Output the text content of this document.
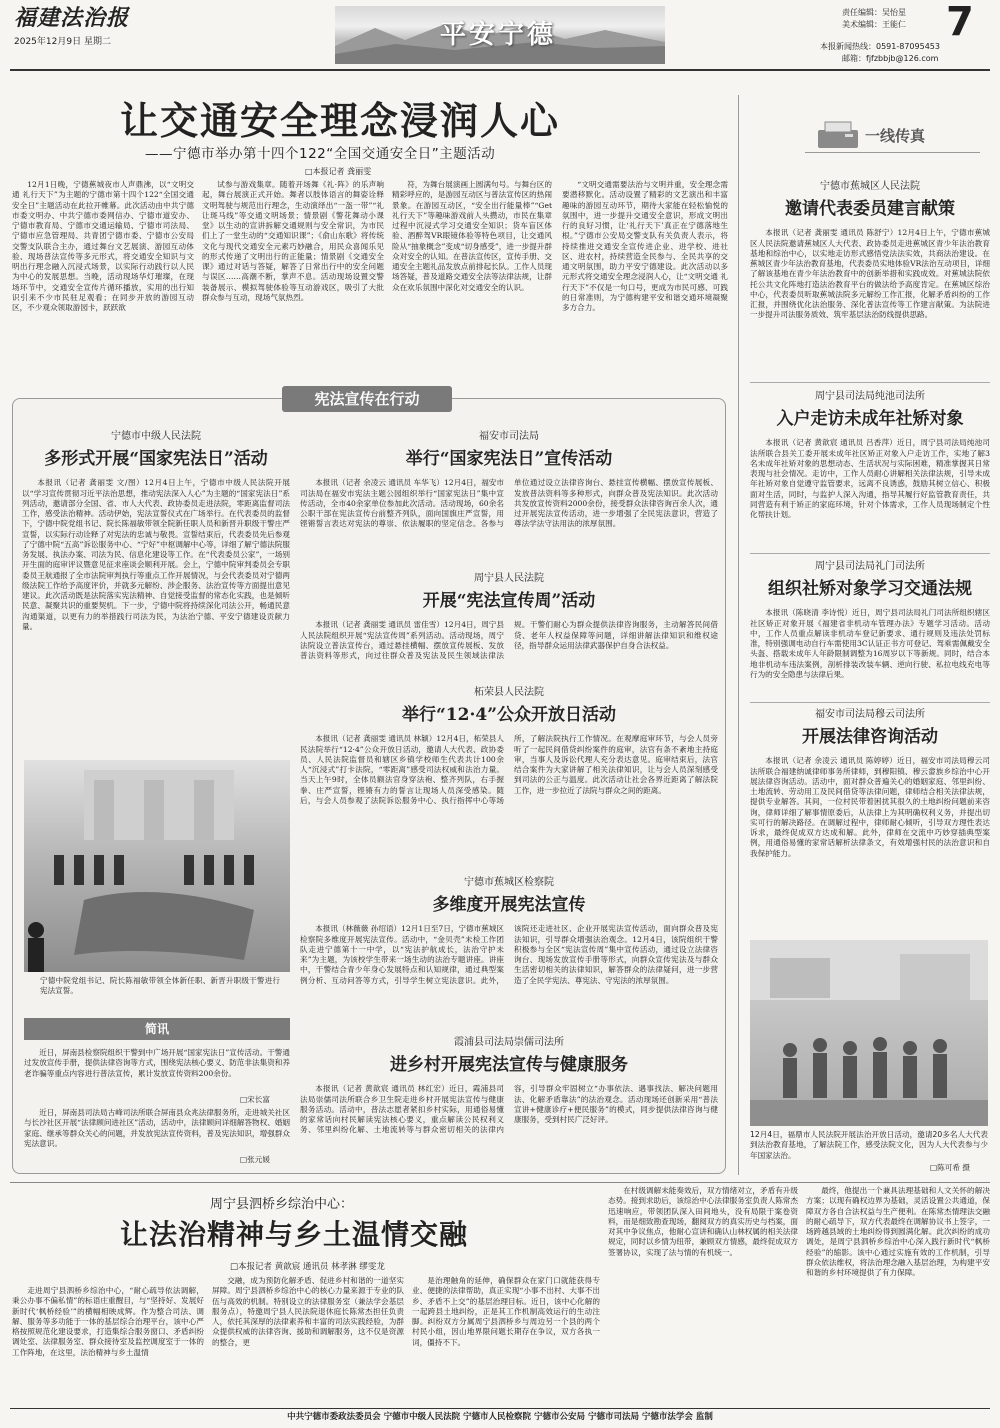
福建法治报
2025年12月9日 星期二	平安宁德
责任编辑：吴怡星
美术编辑：王能仁 7
本报新闻热线：0591-87095453
邮箱：fjfzbbjb@126.com
让交通安全理念浸润人心
——宁德市举办第十四个122“全国交通安全日”主题活动
□本报记者 龚丽雯

12月1日晚，宁德蕉城夜市人声鼎沸，以“文明交通 礼行天下”为主题的宁德市第十四个122“全国交通安全日”主题活动在此拉开帷幕。此次活动由中共宁德市委文明办、中共宁德市委网信办、宁德市道安办、宁德市教育局、宁德市交通运输局、宁德市司法局、宁德市应急管理局、共青团宁德市委、宁德市公安局交警支队联合主办，通过舞台文艺展演、游园互动体验、现场普法宣传等多元形式，将交通安全知识与文明出行理念融入沉浸式场景，以实际行动践行以人民为中心的发展思想。当晚，活动现场华灯璀璨，在现场环节中，交通安全宣传片循环播放，实用的出行知识引来不少市民驻足观看；在同步开放的游园互动区，不少观众领取游园卡，跃跃欲

试参与游戏集章。随着开场舞《礼·阵》的乐声响起，舞台展演正式开始。舞者以肢体语言的舞姿诠释文明驾驶与规范出行理念，生动演绎出“一盔一带”“礼让斑马线”等交通文明场景；情景剧《警花舞动小课堂》以生动的宣讲拆解交通规则与安全常识，为市民们上了一堂生动的“交通知识课”；《俞山东歌》将传统文化与现代交通安全元素巧妙融合，用民众喜闻乐见的形式传递了文明出行的正能量；情景剧《交通安全课》通过对话与答疑，解答了日常出行中的安全问题与误区……高潮不断，掌声不息。活动现场设置交警装备展示、模拟驾驶体验等互动游戏区，吸引了大批群众参与互动，现场气氛热烈。

符，为舞台展演画上圆满句号。与舞台区的精彩呼应的，是游园互动区与普法宣传区的热闹景象。在游园互动区，“安全出行能量棒”“Get礼行天下”等趣味游戏前人头攒动，市民在集章过程中沉浸式学习交通安全知识；货车盲区体验、酒醉驾VR眼镜体验等特色项目，让交通风险从“抽象概念”变成“切身感受”，进一步提升群众对安全的认知。在普法宣传区，宣传手册、交通安全主题礼品发放点前排起长队。工作人员现场答疑，普及道路交通安全法等法律法规，让群众在欢乐氛围中深化对交通安全的认识。

“文明交通需要法治与文明并重，安全理念需要潜移默化。活动设置了精彩的文艺演出和丰富趣味的游园互动环节，期待大家能在轻松愉悦的氛围中，进一步提升交通安全意识，形成文明出行的良好习惯，让‘礼行天下’真正在宁德落地生根。”宁德市公安局交警支队有关负责人表示，将持续推进交通安全宣传进企业、进学校、进社区、进农村，持续营造全民参与、全民共享的交通文明氛围，助力平安宁德建设。此次活动以多元形式将交通安全理念浸润人心，让“文明交通 礼行天下”不仅是一句口号，更成为市民可感、可践的日常准则，为宁德构建平安和谐交通环境凝聚多方合力。

一线传真
宁德市蕉城区人民法院
邀请代表委员建言献策

本报讯（记者 龚丽雯 通讯员 陈舒宁）12月4日上午，宁德市蕉城区人民法院邀请蕉城区人大代表、政协委员走进蕉城区青少年法治教育基地和综治中心，以实地走访形式感悟党法法实效，共商法治建设。在蕉城区青少年法治教育基地，代表委员实地体验VR法治互动项目，详细了解该基地在青少年法治教育中的创新举措和实践成效。对蕉城法院依托公共文化阵地打造法治教育平台的做法给予高度肯定。在蕉城区综治中心，代表委员听取蕉城法院多元解纷工作汇报，化解矛盾纠纷的工作汇报，并围绕优化法治服务、深化普法宣传等工作建言献策。为法院进一步提升司法服务质效、筑牢基层法治防线提供思路。

周宁县司法局纯池司法所
入户走访未成年社矫对象

本报讯（记者 黄歆宸 通讯员 吕香萍）近日，周宁县司法局纯池司法所联合县关工委开展未成年社区矫正对象入户走访工作，实地了解3名未成年社矫对象的思想动态、生活状况与实际困难，精准掌握其日常表现与社会情况。走访中，工作人员耐心讲解相关法律法规，引导未成年社矫对象自觉遵守监管要求，远离不良诱惑，鼓励其树立信心、积极面对生活，同时，与监护人深入沟通，指导其履行好监管教育责任，共同营造有利于矫正的家庭环境，针对个体需求，工作人员现场制定个性化帮扶计划。

周宁县司法局礼门司法所
组织社矫对象学习交通法规

本报讯（陈晓清 李诗悦）近日，周宁县司法局礼门司法所组织辖区社区矫正对象开展《福建省非机动车管理办法》专题学习活动。活动中，工作人员重点解读非机动车登记新要求、通行规则及违法处罚标准，特别强调电动自行车需使用3C认证正书方可登记、驾乘需佩戴安全头盔、搭载未成年人年龄限制调整为16周岁以下等新规。同时，结合本地非机动车违法案例，剖析排装改装车辆、逆向行驶、私拉电线充电等行为的安全隐患与法律后果。

福安市司法局穆云司法所
开展法律咨询活动

本报讯（记者 余凌云 通讯员 陈婷婷）近日，福安市司法局穆云司法所联合福建纳诚律师事务所律师，到穆阳镇、穆云畲族乡综治中心开展法律咨询活动。活动中，面对群众普遍关心的婚姻家庭、邻里纠纷、土地流转、劳动用工及民间借贷等法律问题，律师结合相关法律法规，提供专业解答。其间，一位村民带着困扰其很久的土地纠纷问题前来咨询，律师详细了解事情原委后，从法律上为其明确权利义务，并提出切实可行的解决路径。在调解过程中，律师耐心倾听，引导双方理性表达诉求，最终促成双方达成和解。此外，律师在交流中巧妙穿插典型案例，用通俗易懂的家常话解析法律条文，有效增强村民的法治意识和自我保护能力。

12月4日，福鼎市人民法院开展法治开放日活动，邀请20多名人大代表到法治教育基地，了解法院工作，感受法院文化，因为人大代表参与少年国家法治。
□陈可希 摄
宪法宣传在行动
宁德市中级人民法院
多形式开展“国家宪法日”活动

本报讯（记者 龚丽雯 文/图）12月4日上午，宁德市中级人民法院开展以“学习宣传贯彻习近平法治思想，推动宪法深入人心”为主题的“国家宪法日”系列活动，邀请部分全国、省、市人大代表、政协委员走进法院，零距离监督司法工作，感受法治精神。活动伊始，宪法宣誓仪式在广场举行。在代表委员的监督下，宁德中院党组书记、院长陈福敏带领全院新任职人员和新晋升职级干警庄严宣誓，以实际行动诠释了对宪法的忠诚与敬畏。宣誓结束后，代表委员先后参观了宁德中院“五高”诉讼服务中心、“宁好”中枢调解中心等，详细了解宁德法院服务发展、执法办案、司法为民、信息化建设等工作。在“代表委员公家”，一场别开生面的庭审评议暨意见征求座谈会顺利开展。会上，宁德中院审判委员会专职委员王航通报了全市法院审判执行等重点工作开展情况，与会代表委员对宁德两级法院工作给予高度评价，并就多元解纷、涉企服务、法治宣传等方面提出意见建议。此次活动既是法院落实宪法精神、自觉接受监督的常态化实践，也是倾听民意、凝聚共识的重要契机。下一步，宁德中院将持续深化司法公开，畅通民意沟通渠道，以更有力的举措践行司法为民，为法治宁德、平安宁德建设贡献力量。

宁德中院党组书记、院长陈福敏带领全体新任职、新晋升职级干警进行宪法宣誓。
福安市司法局
举行“国家宪法日”宣传活动

本报讯（记者 余凌云 通讯员 车华飞）12月4日，福安市司法局在福安市宪法主题公园组织举行“国家宪法日”集中宣传活动，全市40余家单位参加此次活动。活动现场，60余名公职干部在宪法宣传台前整齐列队，面向国旗庄严宣誓，用铿锵誓言表达对宪法的尊崇、依法履职的坚定信念。各参与单位通过设立法律咨询台、悬挂宣传横幅、摆放宣传展板、发放普法资料等多种形式，向群众普及宪法知识。此次活动共发放宣传资料2000余份，接受群众法律咨询百余人次，通过开展宪法宣传活动，进一步增强了全民宪法意识，营造了尊法学法守法用法的浓厚氛围。

周宁县人民法院
开展“宪法宣传周”活动

本报讯（记者 龚丽雯 通讯员 雷佳雪）12月4日，周宁县人民法院组织开展“宪法宣传周”系列活动。活动现场，周宁法院设立普法宣传台，通过悬挂横幅、摆放宣传展板、发放普法资料等形式，向过往群众普及宪法及民生领域法律法规。干警们耐心为群众提供法律咨询服务，主动解答民间借贷、老年人权益保障等问题，详细讲解法律知识和维权途径，指导群众运用法律武器保护自身合法权益。

柘荣县人民法院
举行“12·4”公众开放日活动

本报讯（记者 龚丽雯 通讯员 林颖）12月4日，柘荣县人民法院举行“12·4”公众开放日活动，邀请人大代表、政协委员、人民法院监督员和辖区乡镇学校师生代表共计100余人“沉浸式”打卡法院，“零距离”感受司法权威和法治力量。当天上午9时，全体员额法官身穿法袍、整齐列队，右手握拳、庄严宣誓，铿锵有力的誓言让现场人员深受感染。随后，与会人员参观了法院诉讼服务中心、执行指挥中心等场所，了解法院执行工作情况。在观摩庭审环节，与会人员旁听了一起民间借贷纠纷案件的庭审，法官有条不紊地主持庭审，当事人及诉讼代理人充分表达意见。庭审结束后，法官结合案件为大家讲解了相关法律知识，让与会人员深刻感受到司法的公正与温度。此次活动让社会各界近距离了解法院工作，进一步拉近了法院与群众之间的距离。

宁德市蕉城区检察院
多维度开展宪法宣传

本报讯（林薇薇 孙绍语）12月1日至7日，宁德市蕉城区检察院多维度开展宪法宣传。活动中，“金贝壳”未检工作团队走进宁德第十一中学，以“宪法护航成长，法治守护未来”为主题，为该校学生带来一场生动的法治专题讲座。讲座中，干警结合青少年身心发展特点和认知规律，通过典型案例分析、互动问答等方式，引导学生树立宪法意识。此外，该院还走进社区、企业开展宪法宣传活动，面向群众普及宪法知识，引导群众增强法治观念。12月4日，该院组织干警积极参与全区“宪法宣传周”集中宣传活动，通过设立法律咨询台、现场发放宣传手册等形式，向群众宣传宪法及与群众生活密切相关的法律知识，解答群众的法律疑问，进一步营造了全民学宪法、尊宪法、守宪法的浓厚氛围。

霞浦县司法局崇儒司法所
进乡村开展宪法宣传与健康服务

本报讯（记者 黄歆宸 通讯员 林红宏）近日，霞浦县司法局崇儒司法所联合乡卫生院走进乡村开展宪法宣传与健康服务活动。活动中，普法志愿者紧扣乡村实际，用通俗易懂的家常话向村民解读宪法核心要义，重点解读公民权利义务、邻里纠纷化解、土地流转等与群众密切相关的法律内容，引导群众牢固树立“办事依法、遇事找法、解决问题用法、化解矛盾靠法”的法治观念。活动现场还创新采用“普法宣讲+健康诊疗+便民服务”的模式，同步提供法律咨询与健康服务，受到村民广泛好评。

简讯

近日，屏南县检察院组织干警到中广场开展“国家宪法日”宣传活动。干警通过发放宣传手册，提供法律咨询等方式，围绕宪法核心要义、防范非法集资和养老诈骗等重点内容进行普法宣传，累计发放宣传资料200余份。

□宋长富

近日，屏南县司法局古峰司法所联合屏南县众兆法律服务所，走进城关社区与长沙社区开展“法律顾问进社区”活动，活动中，法律顾问详细解答物权、婚姻家庭、继承等群众关心的问题，并发放宪法宣传资料，普及宪法知识，增强群众宪法意识。

□张元媛
周宁县泗桥乡综治中心：
让法治精神与乡土温情交融
□本报记者 黄歆宸 通讯员 林孝淋 缪雯龙

走进周宁县泗桥乡综治中心，“耐心疏导依法调解，秉公办事不偏私情”的标语庄重醒目，与“坚持好、发展好新时代‘枫桥经验’”的横幅相映成辉。作为整合司法、调解、服务等多功能于一体的基层综合治理平台，该中心严格按照规范化建设要求，打造集综合服务窗口、矛盾纠纷调处室、法律服务室、群众接待室及监控调度室于一体的工作阵地，在这里，法治精神与乡土温情

交融，成为预防化解矛盾、促进乡村和谐的一道坚实屏障。周宁县泗桥乡综治中心的核心力量来源于专业的队伍与高效的机制。特别设立的法律服务室（兼法学会基层服务点），特邀周宁县人民法院退休庭长陈常杰担任负责人，依托其深厚的法律素养和丰富的司法实践经验，为群众提供权威的法律咨询、援助和调解服务，这不仅是资源的整合，更

是治理触角的延伸，确保群众在家门口就能获得专业、便捷的法律帮助，真正实现“小事不出村、大事不出乡、矛盾不上交”的基层治理目标。近日，该中心化解的一起跨县土地纠纷，正是其工作机制高效运行的生动注脚。纠纷双方分属周宁县泗桥乡与周边另一个县的两个村民小组，因山地界限问题长期存在争议，双方各执一词，僵持不下。

在村级调解未能奏效后，双方情绪对立，矛盾有升级态势。接到求助后，该综治中心法律服务室负责人陈常杰迅速响应，带领团队深入田间地头，没有局限于案卷资料，而是细致勘查现场，翻阅双方的真实历史与档案，面对其中争议焦点，他耐心宣讲和确认山林权属的相关法律规定，同时以乡情为纽带，兼顾双方情感，最终促成双方签署协议，实现了法与情的有机统一。

最终，他提出一个兼具法理基础和人文关怀的解决方案；以现有确权边界为基础，灵活设置公共通道，保障双方各自合法权益与生产便利。在陈常杰情理法交融的耐心疏导下，双方代表最终在调解协议书上签字，一场跨越县域的土地纠纷得到圆满化解。此次纠纷的成功调处，是周宁县泗桥乡综治中心深入践行新时代“枫桥经验”的缩影。该中心通过实施有效的工作机制，引导群众依法维权，将法治理念融入基层治理，为构建平安和谐的乡村环境提供了有力保障。

中共宁德市委政法委员会 宁德市中级人民法院 宁德市人民检察院 宁德市公安局 宁德市司法局 宁德市法学会 监制
